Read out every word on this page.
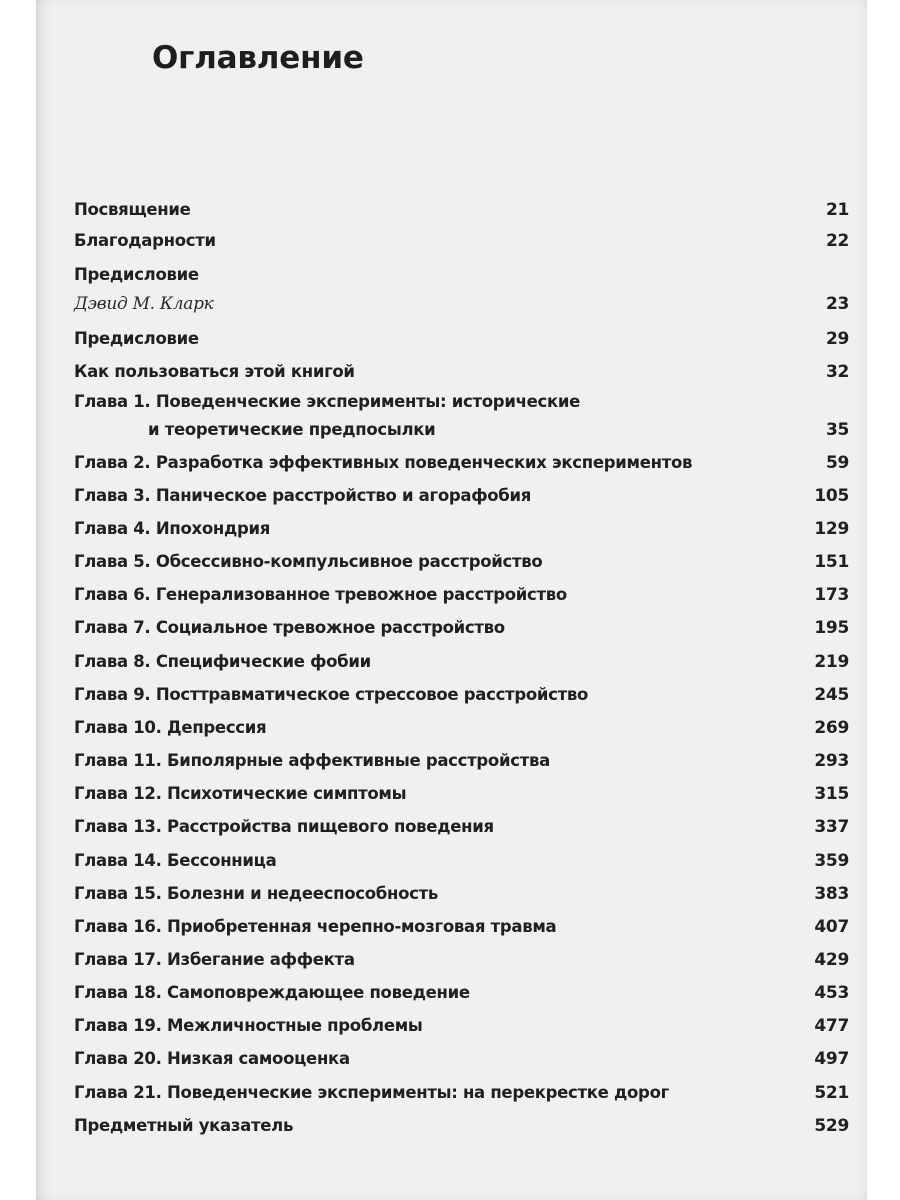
Оглавление
Посвящение	21
Благодарности	22
Предисловие
Дэвид М. Кларк	23
Предисловие	29
Как пользоваться этой книгой	32
Глава 1. Поведенческие эксперименты: исторические
и теоретические предпосылки	35
Глава 2. Разработка эффективных поведенческих экспериментов	59
Глава 3. Паническое расстройство и агорафобия	105
Глава 4. Ипохондрия	129
Глава 5. Обсессивно-компульсивное расстройство	151
Глава 6. Генерализованное тревожное расстройство	173
Глава 7. Социальное тревожное расстройство	195
Глава 8. Специфические фобии	219
Глава 9. Посттравматическое стрессовое расстройство	245
Глава 10. Депрессия	269
Глава 11. Биполярные аффективные расстройства	293
Глава 12. Психотические симптомы	315
Глава 13. Расстройства пищевого поведения	337
Глава 14. Бессонница	359
Глава 15. Болезни и недееспособность	383
Глава 16. Приобретенная черепно-мозговая травма	407
Глава 17. Избегание аффекта	429
Глава 18. Самоповреждающее поведение	453
Глава 19. Межличностные проблемы	477
Глава 20. Низкая самооценка	497
Глава 21. Поведенческие эксперименты: на перекрестке дорог	521
Предметный указатель	529
